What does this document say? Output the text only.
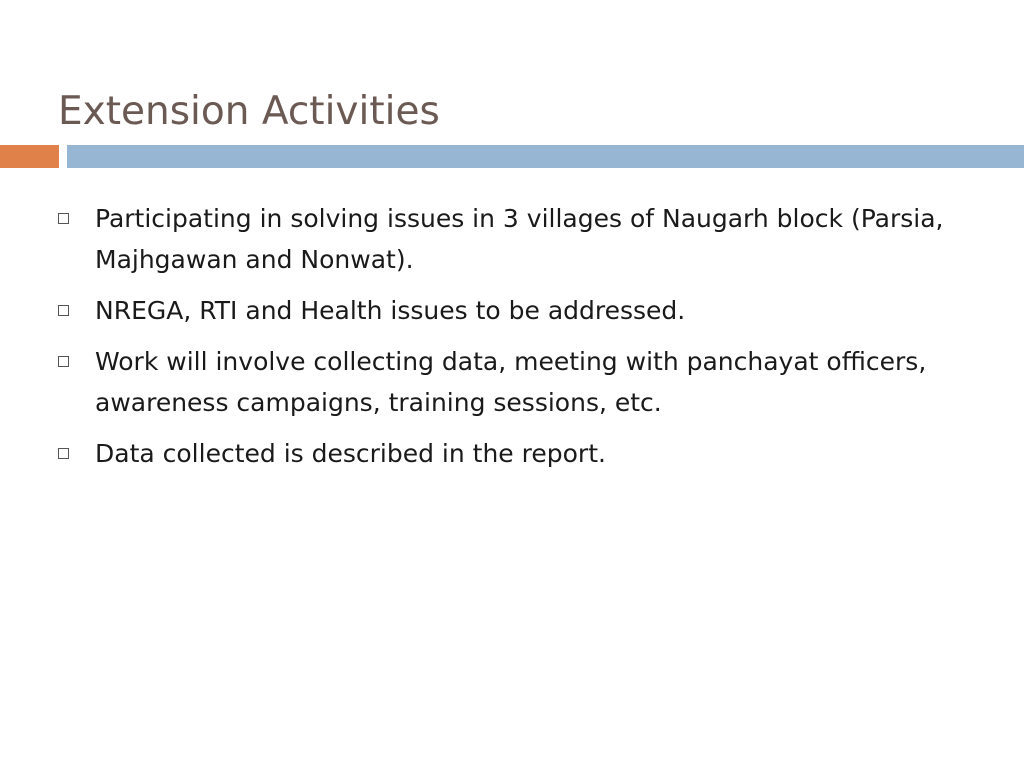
Extension Activities
Participating in solving issues in 3 villages of Naugarh block (Parsia, Majhgawan and Nonwat).
NREGA, RTI and Health issues to be addressed.
Work will involve collecting data, meeting with panchayat officers, awareness campaigns, training sessions, etc.
Data collected is described in the report.
